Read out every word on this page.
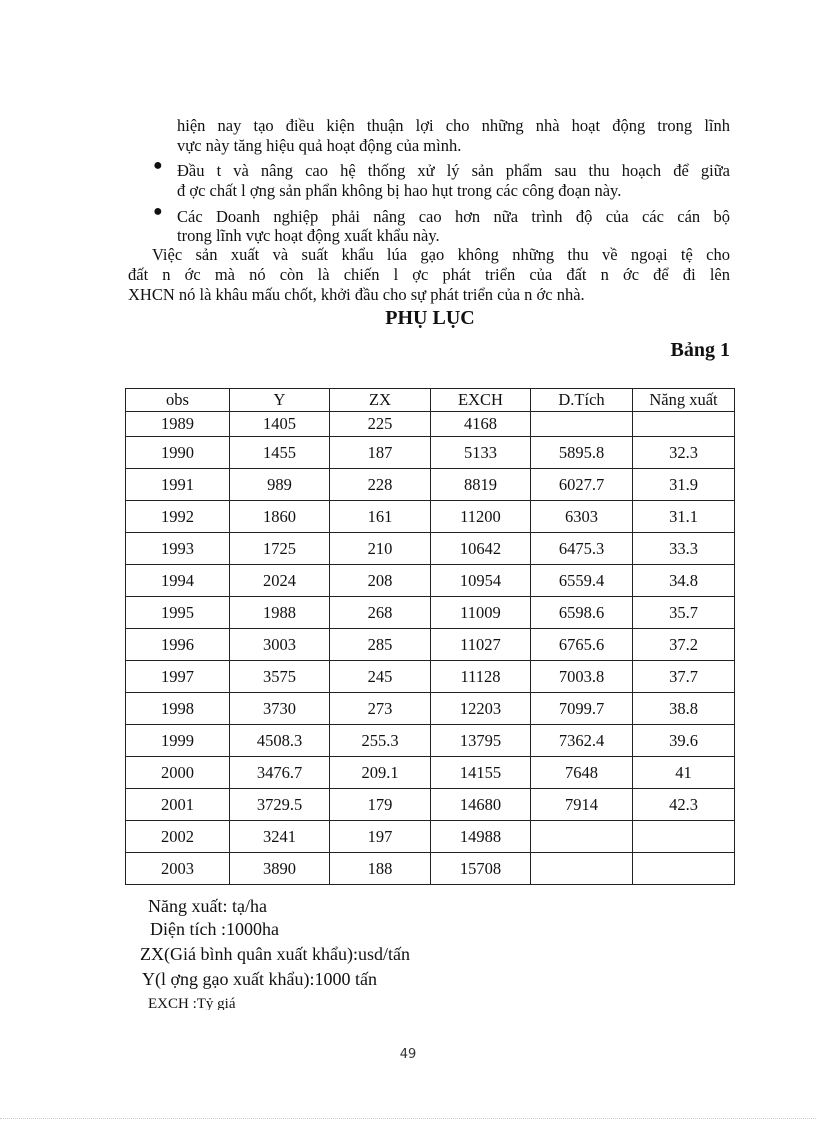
hiện nay tạo điều kiện thuận lợi cho những nhà hoạt động trong lĩnh
vực này tăng hiệu quả hoạt động của mình.
● Đầu t và nâng cao hệ thống xử lý sản phẩm sau thu hoạch để giữa
đ ợc chất l ợng sản phẩn không bị hao hụt trong các công đoạn này.
● Các Doanh nghiệp phải nâng cao hơn nữa trình độ của các cán bộ
trong lĩnh vực hoạt động xuất khẩu này.
Việc sản xuất và suất khẩu lúa gạo không những thu về ngoại tệ cho
đất n ớc mà nó còn là chiến l ợc phát triển của đất n ớc để đi lên
XHCN nó là khâu mấu chốt, khởi đầu cho sự phát triển của n ớc nhà.
PHỤ LỤC
Bảng 1
obs	Y	ZX	EXCH	D.Tích	Năng xuất
1989	1405	225	4168		
1990	1455	187	5133	5895.8	32.3
1991	989	228	8819	6027.7	31.9
1992	1860	161	11200	6303	31.1
1993	1725	210	10642	6475.3	33.3
1994	2024	208	10954	6559.4	34.8
1995	1988	268	11009	6598.6	35.7
1996	3003	285	11027	6765.6	37.2
1997	3575	245	11128	7003.8	37.7
1998	3730	273	12203	7099.7	38.8
1999	4508.3	255.3	13795	7362.4	39.6
2000	3476.7	209.1	14155	7648	41
2001	3729.5	179	14680	7914	42.3
2002	3241	197	14988		
2003	3890	188	15708		
Năng xuất: tạ/ha
Diện tích :1000ha
ZX(Giá bình quân xuất khẩu):usd/tấn
Y(l ợng gạo xuất khẩu):1000 tấn
EXCH :Tỷ giá
49
